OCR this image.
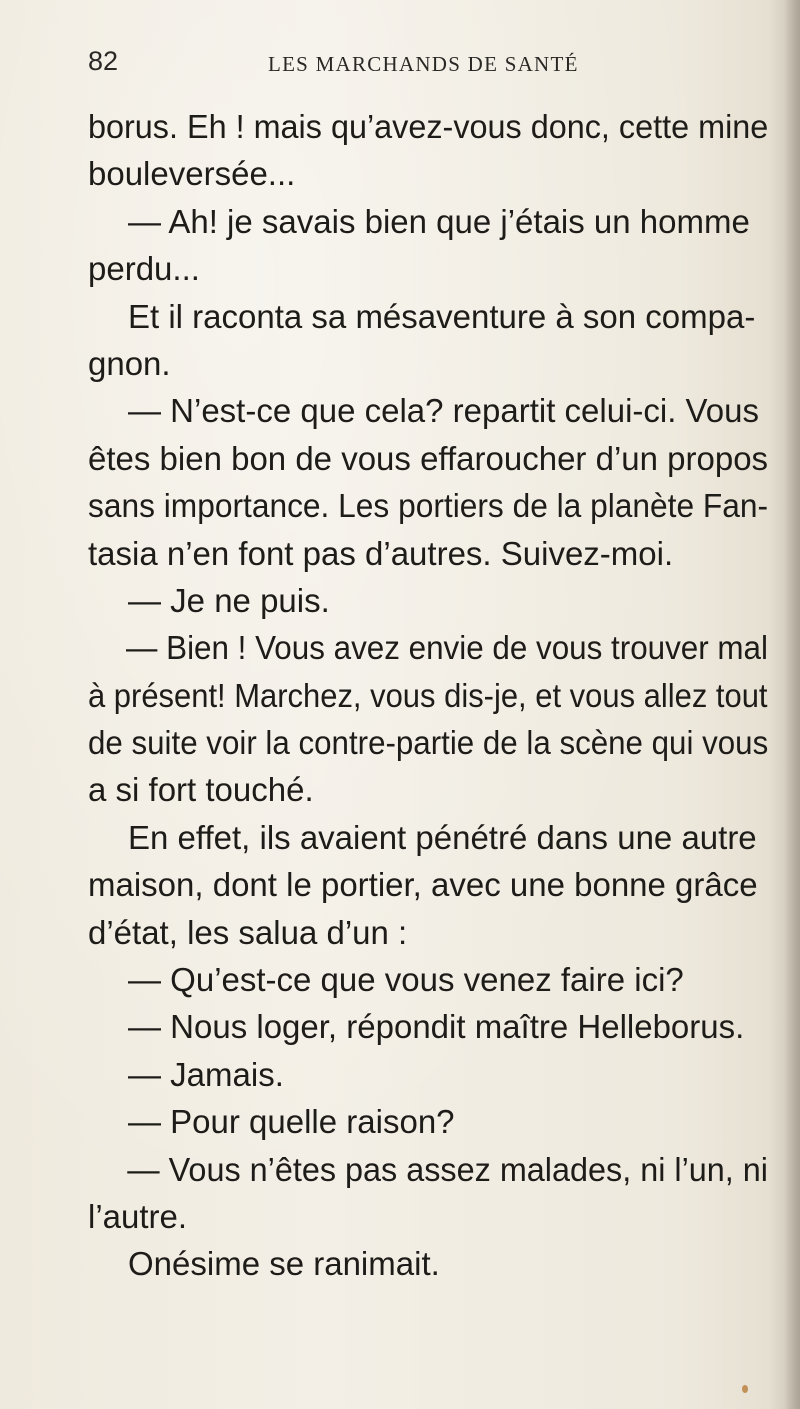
82	LES MARCHANDS DE SANTÉ
borus. Eh ! mais qu’avez-vous donc, cette mine
bouleversée...
— Ah! je savais bien que j’étais un homme
perdu...
Et il raconta sa mésaventure à son compa-
gnon.
— N’est-ce que cela? repartit celui-ci. Vous
êtes bien bon de vous effaroucher d’un propos
sans importance. Les portiers de la planète Fan-
tasia n’en font pas d’autres. Suivez-moi.
— Je ne puis.
— Bien ! Vous avez envie de vous trouver mal
à présent! Marchez, vous dis-je, et vous allez tout
de suite voir la contre-partie de la scène qui vous
a si fort touché.
En effet, ils avaient pénétré dans une autre
maison, dont le portier, avec une bonne grâce
d’état, les salua d’un :
— Qu’est-ce que vous venez faire ici?
— Nous loger, répondit maître Helleborus.
— Jamais.
— Pour quelle raison?
— Vous n’êtes pas assez malades, ni l’un, ni
l’autre.
Onésime se ranimait.
